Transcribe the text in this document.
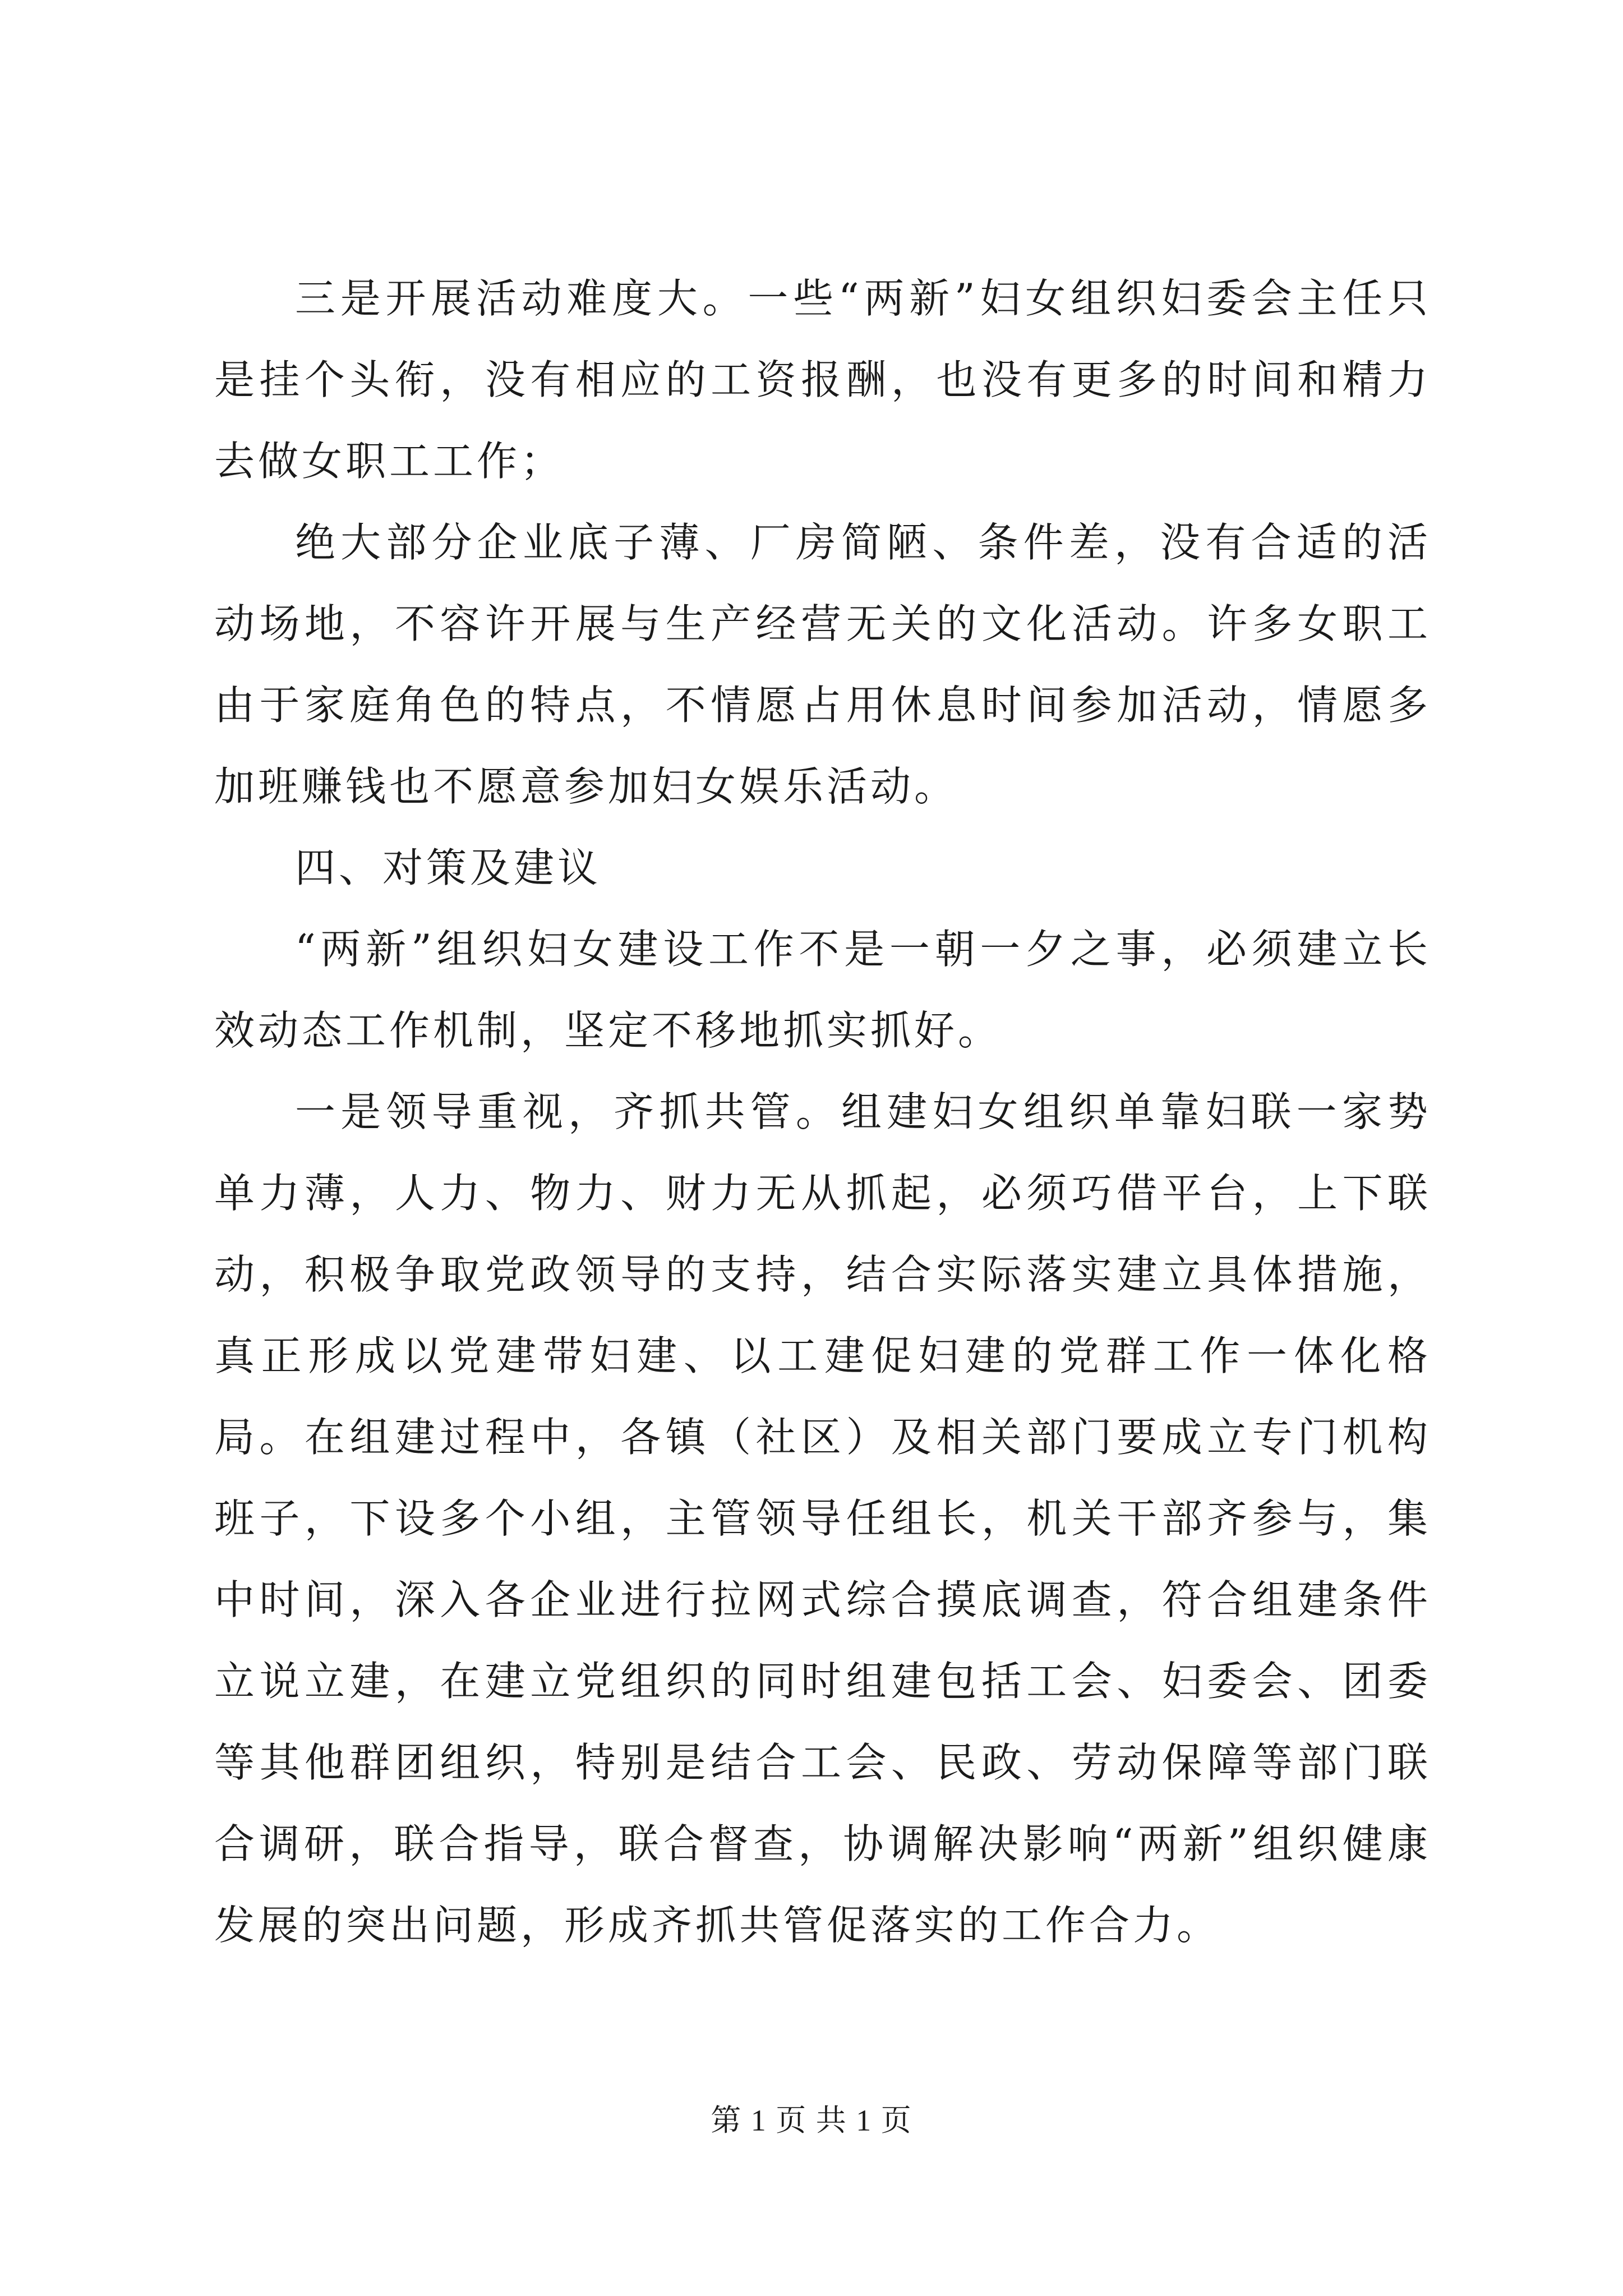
三是开展活动难度大。一些“两新”妇女组织妇委会主任只是挂个头衔，没有相应的工资报酬，也没有更多的时间和精力去做女职工工作；

绝大部分企业底子薄、厂房简陋、条件差，没有合适的活动场地，不容许开展与生产经营无关的文化活动。许多女职工由于家庭角色的特点，不情愿占用休息时间参加活动，情愿多加班赚钱也不愿意参加妇女娱乐活动。

四、对策及建议

“两新”组织妇女建设工作不是一朝一夕之事，必须建立长效动态工作机制，坚定不移地抓实抓好。

一是领导重视，齐抓共管。组建妇女组织单靠妇联一家势单力薄，人力、物力、财力无从抓起，必须巧借平台，上下联动，积极争取党政领导的支持，结合实际落实建立具体措施，真正形成以党建带妇建、以工建促妇建的党群工作一体化格局。在组建过程中，各镇（社区）及相关部门要成立专门机构班子，下设多个小组，主管领导任组长，机关干部齐参与，集中时间，深入各企业进行拉网式综合摸底调查，符合组建条件立说立建，在建立党组织的同时组建包括工会、妇委会、团委等其他群团组织，特别是结合工会、民政、劳动保障等部门联合调研，联合指导，联合督查，协调解决影响“两新”组织健康发展的突出问题，形成齐抓共管促落实的工作合力。

第 1 页 共 1 页
